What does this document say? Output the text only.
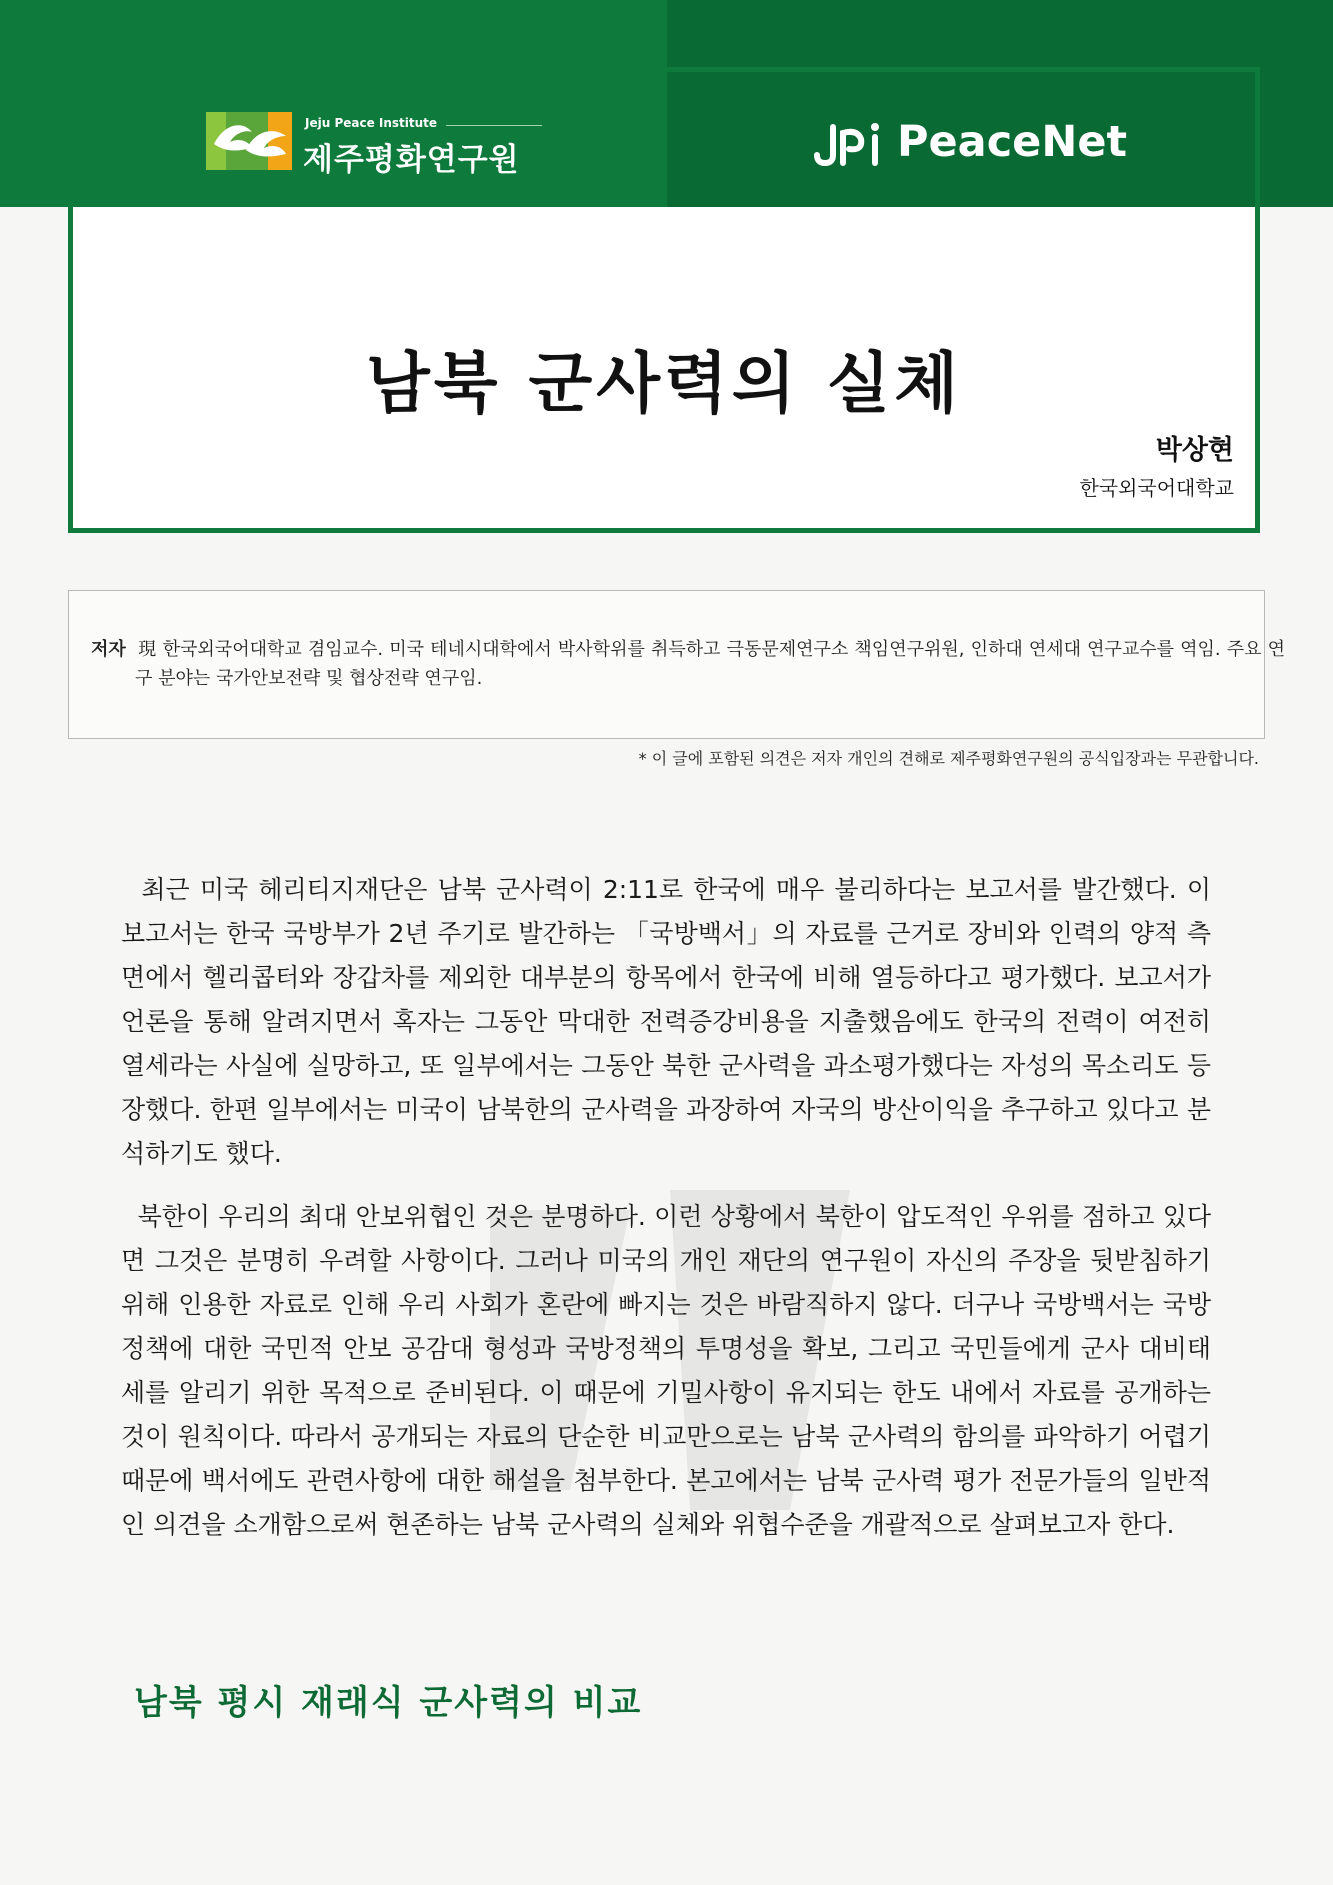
Jeju Peace Institute
제주평화연구원	PeaceNet
남북 군사력의 실체
박상현
한국외국어대학교
저자 現 한국외국어대학교 겸임교수. 미국 테네시대학에서 박사학위를 취득하고 극동문제연구소 책임연구위원, 인하대 연세대 연구교수를 역임. 주요 연구 분야는 국가안보전략 및 협상전략 연구임.
* 이 글에 포함된 의견은 저자 개인의 견해로 제주평화연구원의 공식입장과는 무관합니다.

최근 미국 헤리티지재단은 남북 군사력이 2:11로 한국에 매우 불리하다는 보고서를 발간했다. 이 보고서는 한국 국방부가 2년 주기로 발간하는 「국방백서」의 자료를 근거로 장비와 인력의 양적 측면에서 헬리콥터와 장갑차를 제외한 대부분의 항목에서 한국에 비해 열등하다고 평가했다. 보고서가 언론을 통해 알려지면서 혹자는 그동안 막대한 전력증강비용을 지출했음에도 한국의 전력이 여전히 열세라는 사실에 실망하고, 또 일부에서는 그동안 북한 군사력을 과소평가했다는 자성의 목소리도 등장했다. 한편 일부에서는 미국이 남북한의 군사력을 과장하여 자국의 방산이익을 추구하고 있다고 분석하기도 했다.

북한이 우리의 최대 안보위협인 것은 분명하다. 이런 상황에서 북한이 압도적인 우위를 점하고 있다면 그것은 분명히 우려할 사항이다. 그러나 미국의 개인 재단의 연구원이 자신의 주장을 뒷받침하기 위해 인용한 자료로 인해 우리 사회가 혼란에 빠지는 것은 바람직하지 않다. 더구나 국방백서는 국방정책에 대한 국민적 안보 공감대 형성과 국방정책의 투명성을 확보, 그리고 국민들에게 군사 대비태세를 알리기 위한 목적으로 준비된다. 이 때문에 기밀사항이 유지되는 한도 내에서 자료를 공개하는 것이 원칙이다. 따라서 공개되는 자료의 단순한 비교만으로는 남북 군사력의 함의를 파악하기 어렵기 때문에 백서에도 관련사항에 대한 해설을 첨부한다. 본고에서는 남북 군사력 평가 전문가들의 일반적인 의견을 소개함으로써 현존하는 남북 군사력의 실체와 위협수준을 개괄적으로 살펴보고자 한다.

남북 평시 재래식 군사력의 비교
